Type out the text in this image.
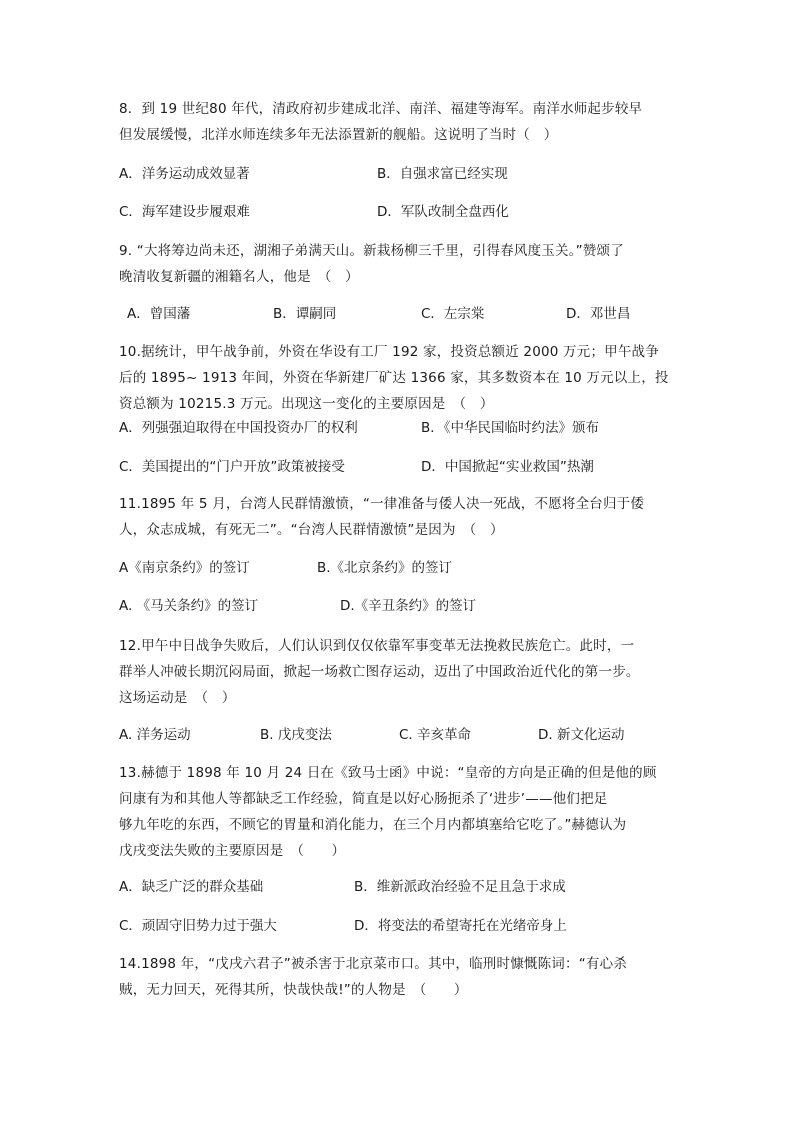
8．到 19 世纪80 年代，清政府初步建成北洋、南洋、福建等海军。南洋水师起步较早
但发展缓慢，北洋水师连续多年无法添置新的舰船。这说明了当时（　）
A．洋务运动成效显著	B．自强求富已经实现
C．海军建设步履艰难	D．军队改制全盘西化
9. “大将筹边尚未还，湖湘子弟满天山。新栽杨柳三千里，引得春风度玉关。”赞颂了
晚清收复新疆的湘籍名人，他是　（　）
A．曾国藩	B．谭嗣同	C．左宗棠	D．邓世昌
10.据统计，甲午战争前，外资在华设有工厂 192 家，投资总额近 2000 万元；甲午战争
后的 1895~ 1913 年间，外资在华新建厂矿达 1366 家，其多数资本在 10 万元以上，投
资总额为 10215.3 万元。出现这一变化的主要原因是　（　）
A．列强强迫取得在中国投资办厂的权利	B．《中华民国临时约法》颁布
C．美国提出的“门户开放”政策被接受	D．中国掀起“实业救国”热潮
11.1895 年 5 月，台湾人民群情激愤，“一律准备与倭人决一死战，不愿将全台归于倭
人，众志成城，有死无二”。“台湾人民群情激愤”是因为　（　）
A《南京条约》的签订	B.《北京条约》的签订
A. 《马关条约》的签订	D.《辛丑条约》的签订
12.甲午中日战争失败后，人们认识到仅仅依靠军事变革无法挽救民族危亡。此时，一
群举人冲破长期沉闷局面，掀起一场救亡图存运动，迈出了中国政治近代化的第一步。
这场运动是　（　）
A. 洋务运动	B. 戊戌变法	C. 辛亥革命	D. 新文化运动
13.赫德于 1898 年 10 月 24 日在《致马士函》中说：“皇帝的方向是正确的但是他的顾
问康有为和其他人等都缺乏工作经验，简直是以好心肠扼杀了‘进步’——他们把足
够九年吃的东西，不顾它的胃量和消化能力，在三个月内都填塞给它吃了。”赫德认为
戊戌变法失败的主要原因是　（　　）
A．缺乏广泛的群众基础	B．维新派政治经验不足且急于求成
C．顽固守旧势力过于强大	D．将变法的希望寄托在光绪帝身上
14.1898 年，“戊戌六君子”被杀害于北京菜市口。其中，临刑时慷慨陈词：“有心杀
贼，无力回天，死得其所，快哉快哉!”的人物是　（　　）
